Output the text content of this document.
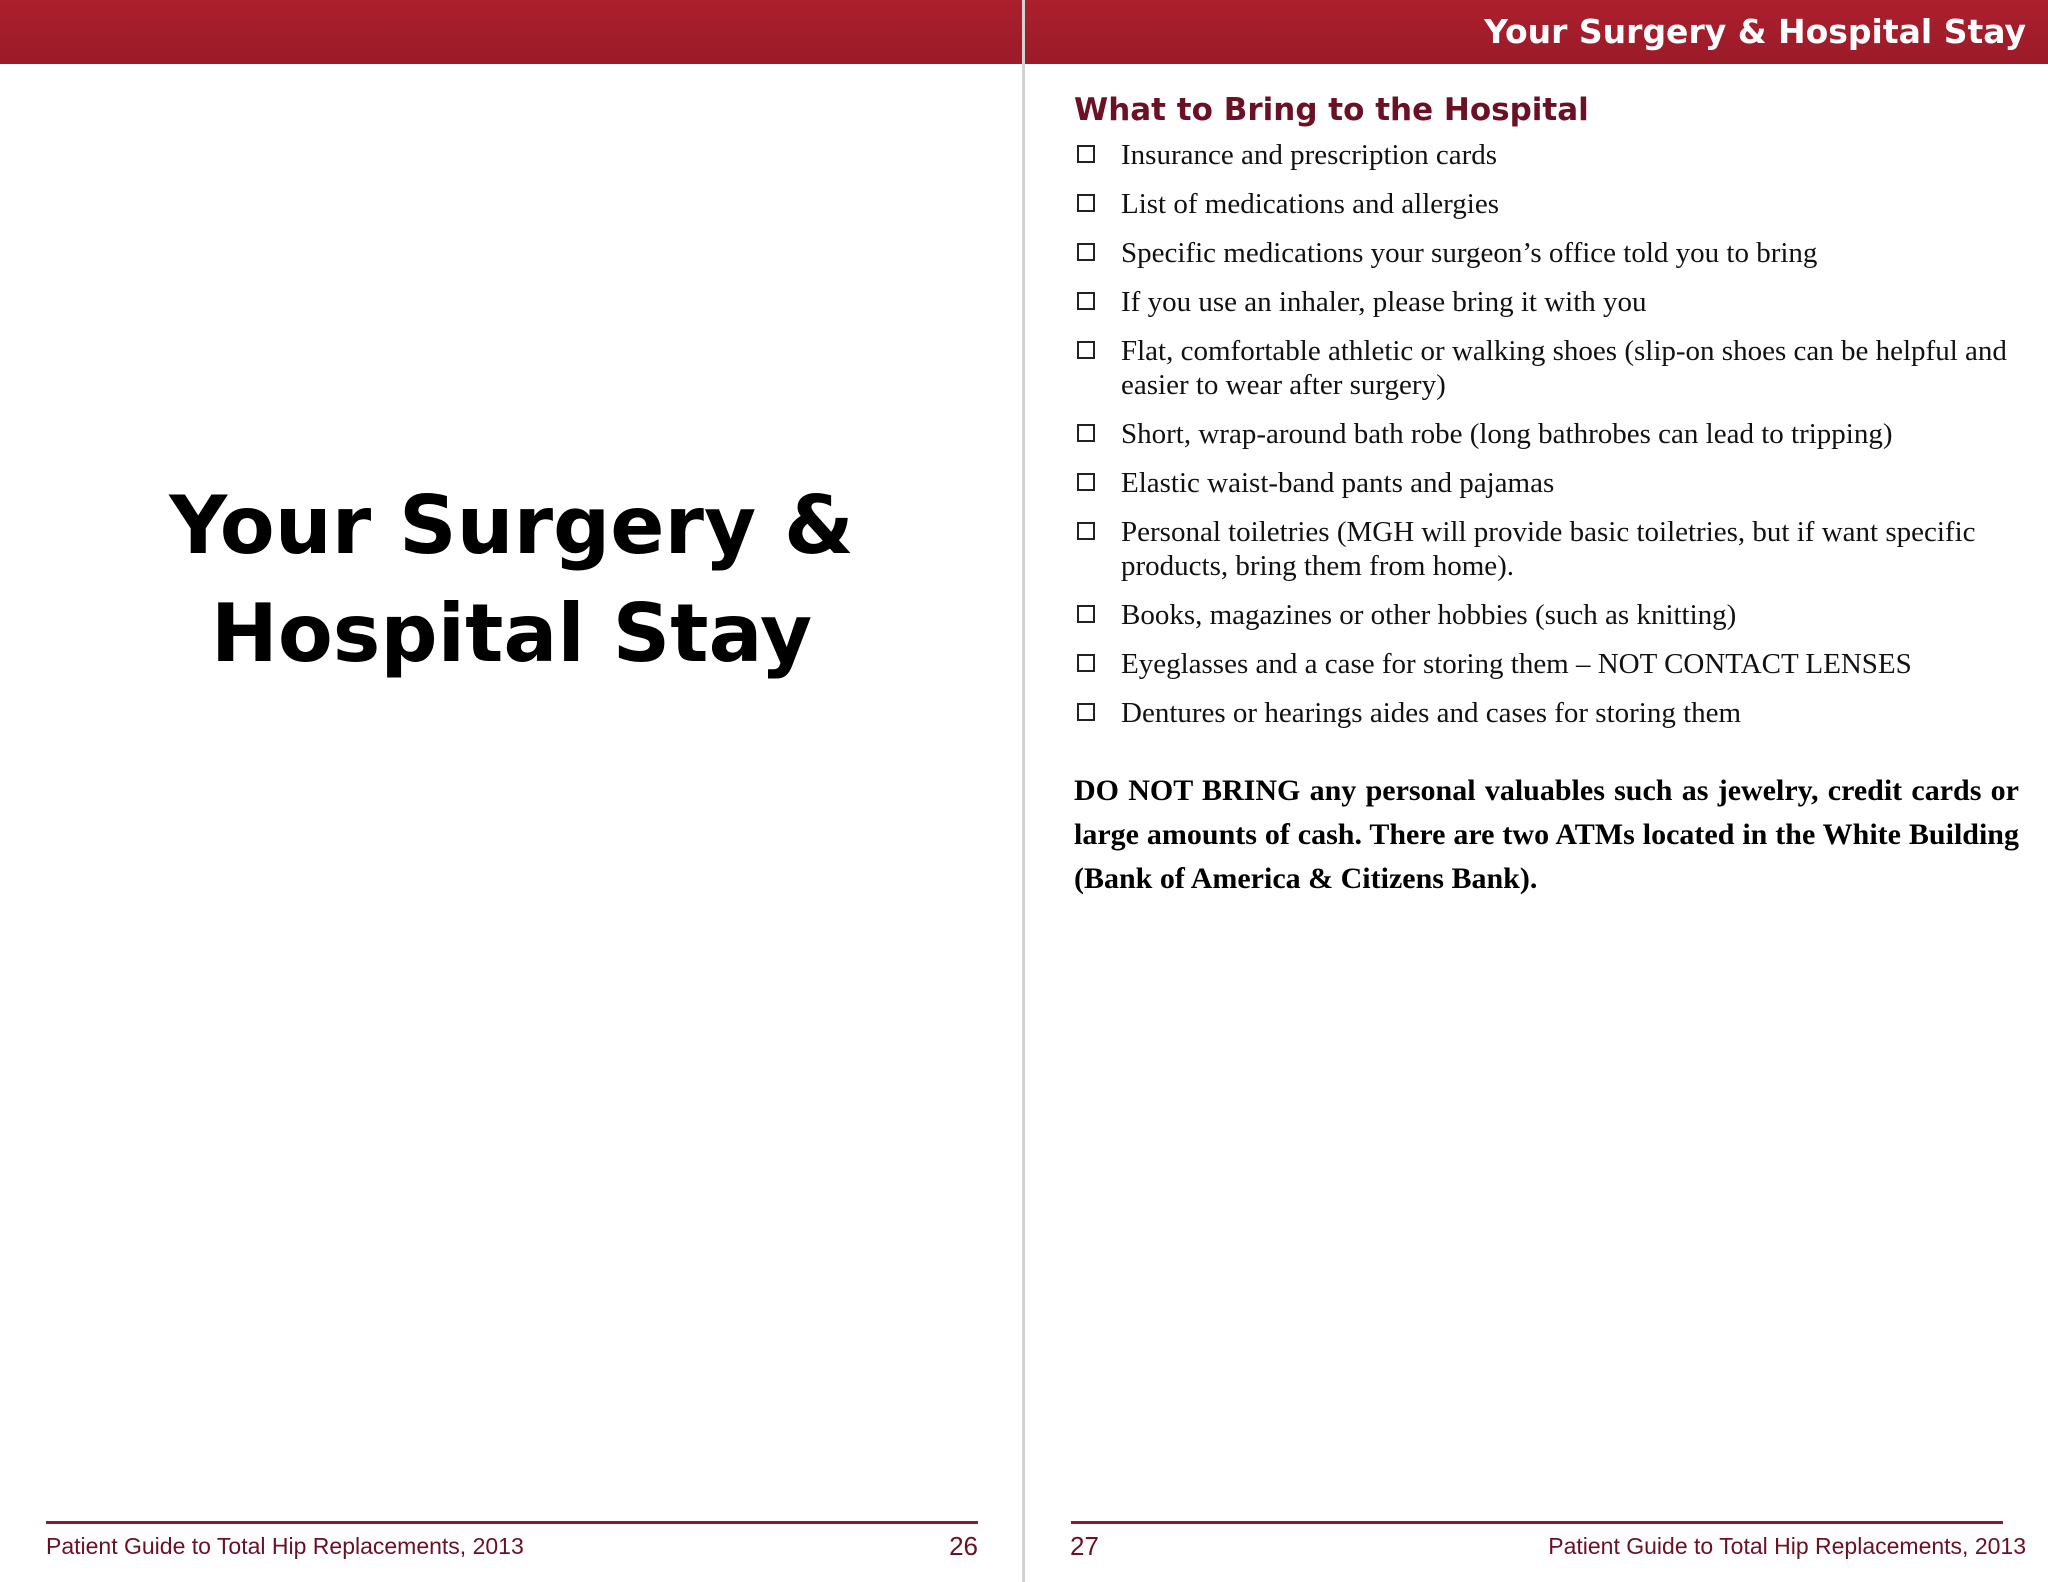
Your Surgery &
Hospital Stay
Patient Guide to Total Hip Replacements, 2013	26
Your Surgery & Hospital Stay
What to Bring to the Hospital
Insurance and prescription cards
List of medications and allergies
Specific medications your surgeon’s office told you to bring
If you use an inhaler, please bring it with you
Flat, comfortable athletic or walking shoes (slip-on shoes can be helpful and easier to wear after surgery)
Short, wrap-around bath robe (long bathrobes can lead to tripping)
Elastic waist-band pants and pajamas
Personal toiletries (MGH will provide basic toiletries, but if want specific products, bring them from home).
Books, magazines or other hobbies (such as knitting)
Eyeglasses and a case for storing them – NOT CONTACT LENSES
Dentures or hearings aides and cases for storing them

DO NOT BRING any personal valuables such as jewelry, credit cards or large amounts of cash. There are two ATMs located in the White Building (Bank of America & Citizens Bank).

27	Patient Guide to Total Hip Replacements, 2013
